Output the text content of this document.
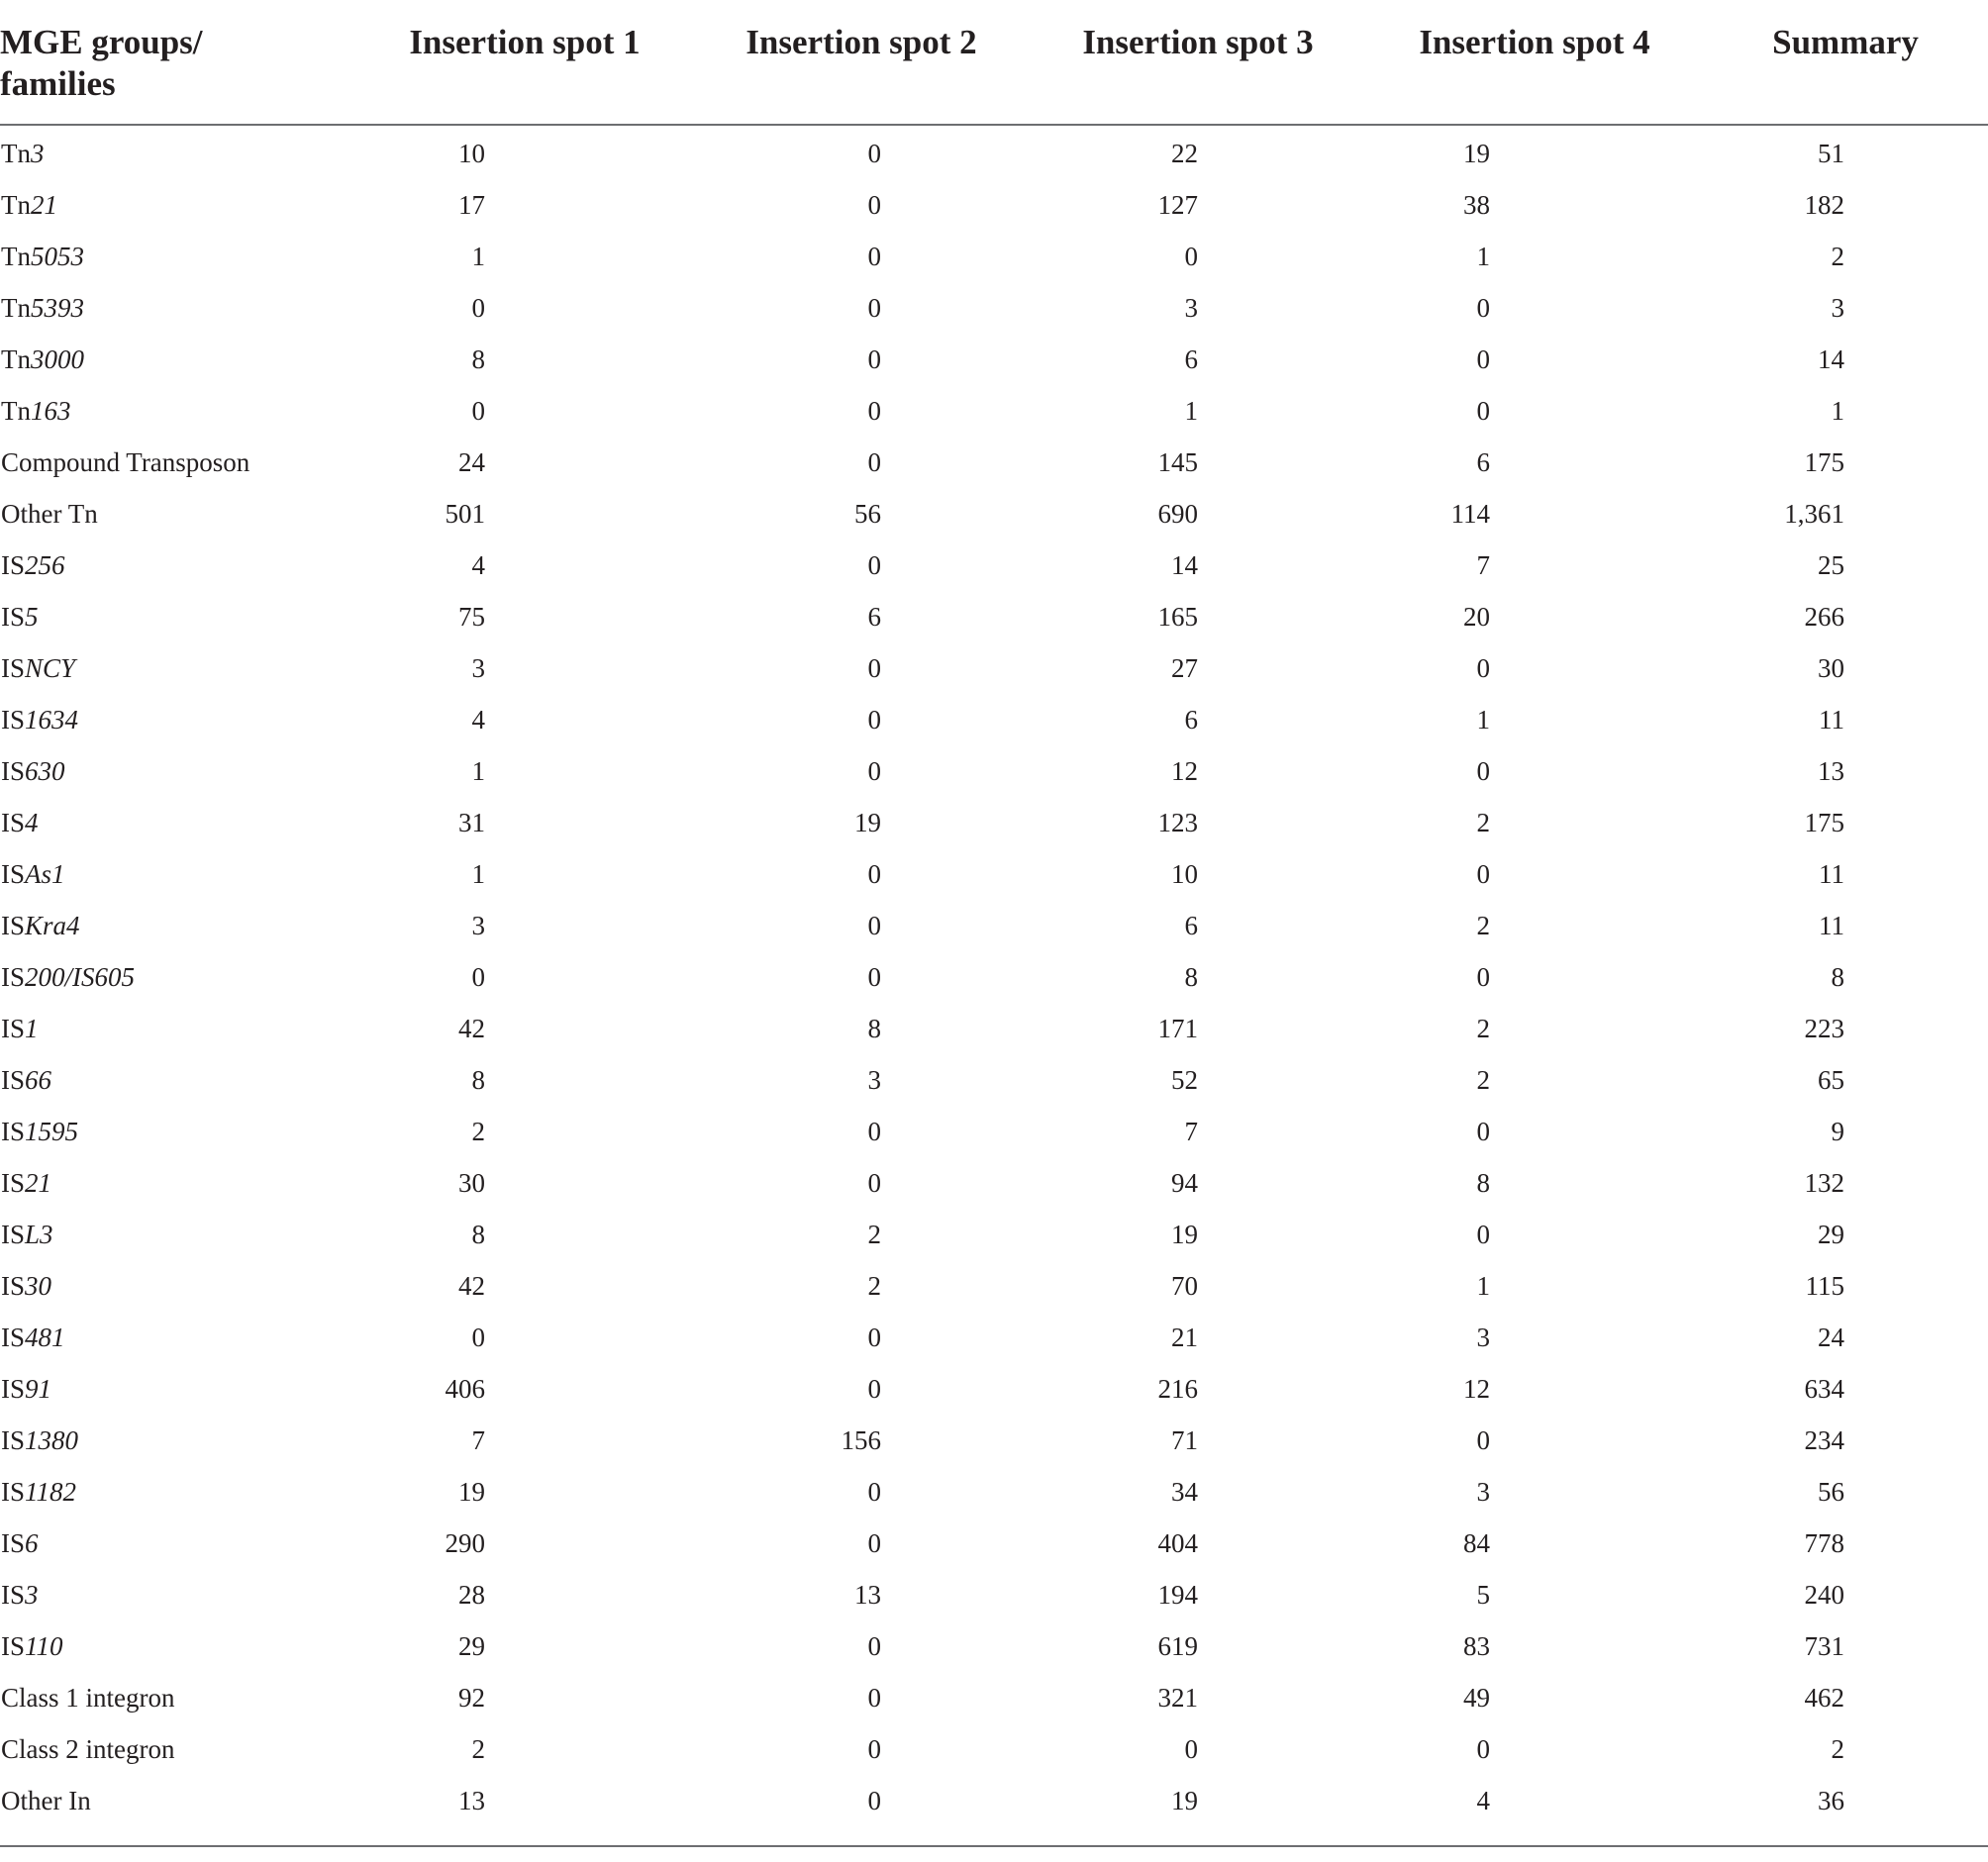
MGE groups/
families	Insertion spot 1	Insertion spot 2	Insertion spot 3	Insertion spot 4	Summary
Tn3	10	0	22	19	51
Tn21	17	0	127	38	182
Tn5053	1	0	0	1	2
Tn5393	0	0	3	0	3
Tn3000	8	0	6	0	14
Tn163	0	0	1	0	1
Compound Transposon	24	0	145	6	175
Other Tn	501	56	690	114	1,361
IS256	4	0	14	7	25
IS5	75	6	165	20	266
ISNCY	3	0	27	0	30
IS1634	4	0	6	1	11
IS630	1	0	12	0	13
IS4	31	19	123	2	175
ISAs1	1	0	10	0	11
ISKra4	3	0	6	2	11
IS200/IS605	0	0	8	0	8
IS1	42	8	171	2	223
IS66	8	3	52	2	65
IS1595	2	0	7	0	9
IS21	30	0	94	8	132
ISL3	8	2	19	0	29
IS30	42	2	70	1	115
IS481	0	0	21	3	24
IS91	406	0	216	12	634
IS1380	7	156	71	0	234
IS1182	19	0	34	3	56
IS6	290	0	404	84	778
IS3	28	13	194	5	240
IS110	29	0	619	83	731
Class 1 integron	92	0	321	49	462
Class 2 integron	2	0	0	0	2
Other In	13	0	19	4	36
